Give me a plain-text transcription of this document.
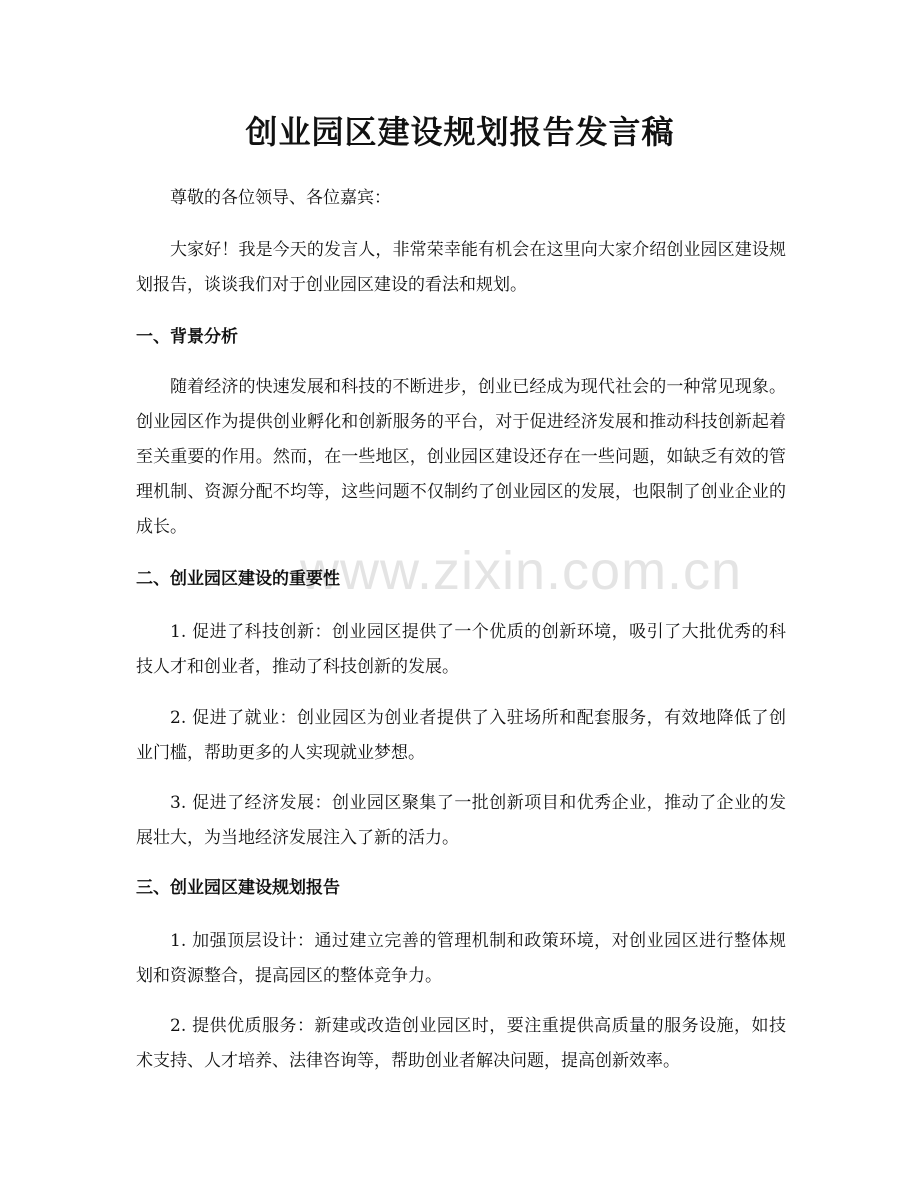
www.zixin.com.cn
创业园区建设规划报告发言稿

尊敬的各位领导、各位嘉宾：

大家好！我是今天的发言人，非常荣幸能有机会在这里向大家介绍创业园区建设规划报告，谈谈我们对于创业园区建设的看法和规划。

一、背景分析

随着经济的快速发展和科技的不断进步，创业已经成为现代社会的一种常见现象。创业园区作为提供创业孵化和创新服务的平台，对于促进经济发展和推动科技创新起着至关重要的作用。然而，在一些地区，创业园区建设还存在一些问题，如缺乏有效的管理机制、资源分配不均等，这些问题不仅制约了创业园区的发展，也限制了创业企业的成长。

二、创业园区建设的重要性

1. 促进了科技创新：创业园区提供了一个优质的创新环境，吸引了大批优秀的科技人才和创业者，推动了科技创新的发展。

2. 促进了就业：创业园区为创业者提供了入驻场所和配套服务，有效地降低了创业门槛，帮助更多的人实现就业梦想。

3. 促进了经济发展：创业园区聚集了一批创新项目和优秀企业，推动了企业的发展壮大，为当地经济发展注入了新的活力。

三、创业园区建设规划报告

1. 加强顶层设计：通过建立完善的管理机制和政策环境，对创业园区进行整体规划和资源整合，提高园区的整体竞争力。

2. 提供优质服务：新建或改造创业园区时，要注重提供高质量的服务设施，如技术支持、人才培养、法律咨询等，帮助创业者解决问题，提高创新效率。
